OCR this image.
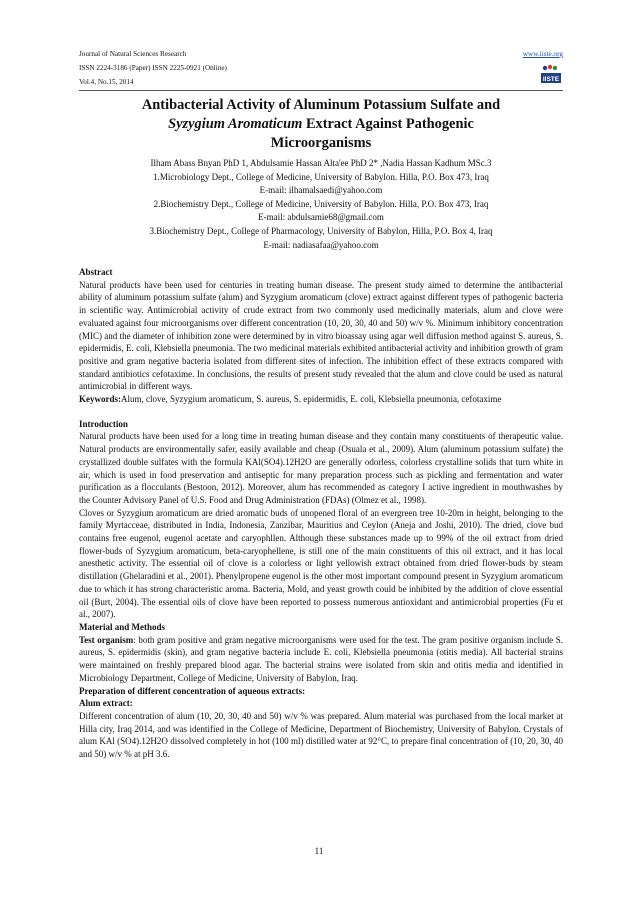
Journal of Natural Sciences Research
ISSN 2224-3186 (Paper) ISSN 2225-0921 (Online)
Vol.4, No.15, 2014
www.iiste.org
IISTE
Antibacterial Activity of Aluminum Potassium Sulfate and
Syzygium Aromaticum Extract Against Pathogenic
Microorganisms
Ilham Abass Bnyan PhD 1, Abdulsamie Hassan Alta'ee PhD 2* ,Nadia Hassan Kadhum MSc.3
1.Microbiology Dept., College of Medicine, University of Babylon. Hilla, P.O. Box 473, Iraq
E-mail: ilhamalsaedi@yahoo.com
2.Biochemistry Dept., College of Medicine, University of Babylon. Hilla, P.O. Box 473, Iraq
E-mail: abdulsamie68@gmail.com
3.Biochemistry Dept., College of Pharmacology, University of Babylon, Hilla, P.O. Box 4, Iraq
E-mail: nadiasafaa@yahoo.com

Abstract

Natural products have been used for centuries in treating human disease. The present study aimed to determine the antibacterial ability of aluminum potassium sulfate (alum) and Syzygium aromaticum (clove) extract against different types of pathogenic bacteria in scientific way. Antimicrobial activity of crude extract from two commonly used medicinally materials, alum and clove were evaluated against four microorganisms over different concentration (10, 20, 30, 40 and 50) w/v %. Minimum inhibitory concentration (MIC) and the diameter of inhibition zone were determined by in vitro bioassay using agar well diffusion method against S. aureus, S. epidermidis, E. coli, Klebsiella pneumonia. The two medicinal materials exhibited antibacterial activity and inhibition growth of gram positive and gram negative bacteria isolated from different sites of infection. The inhibition effect of these extracts compared with standard antibiotics cefotaxime. In conclusions, the results of present study revealed that the alum and clove could be used as natural antimicrobial in different ways.

Keywords:Alum, clove, Syzygium aromaticum, S. aureus, S. epidermidis, E. coli, Klebsiella pneumonia, cefotaxime

Introduction

Natural products have been used for a long time in treating human disease and they contain many constituents of therapeutic value. Natural products are environmentally safer, easily available and cheap (Osuala et al., 2009). Alum (aluminum potassium sulfate) the crystallized double sulfates with the formula KAl(SO4).12H2O are generally odorless, colorless crystalline solids that turn white in air, which is used in food preservation and antiseptic for many preparation process such as pickling and fermentation and water purification as a flocculants (Bestoon, 2012). Moreover, alum has recommended as category I active ingredient in mouthwashes by the Counter Advisory Panel of U.S. Food and Drug Administration (FDAs) (Olmez et al., 1998).

Cloves or Syzygium aromaticum are dried aromatic buds of unopened floral of an evergreen tree 10-20m in height, belonging to the family Myrtacceae, distributed in India, Indonesia, Zanzibar, Mauritius and Ceylon (Aneja and Joshi, 2010). The dried, clove bud contains free eugenol, eugenol acetate and caryophllen. Although these substances made up to 99% of the oil extract from dried flower-buds of Syzygium aromaticum, beta-caryophellene, is still one of the main constituents of this oil extract, and it has local anesthetic activity. The essential oil of clove is a colorless or light yellowish extract obtained from dried flower-buds by steam distillation (Ghelaradini et al., 2001). Phenylpropene eugenol is the other most important compound present in Syzygium aromaticum due to which it has strong characteristic aroma. Bacteria, Mold, and yeast growth could be inhibited by the addition of clove essential oil (Burt, 2004). The essential oils of clove have been reported to possess numerous antioxidant and antimicrobial properties (Fu et al., 2007).

Material and Methods

Test organism: both gram positive and gram negative microorganisms were used for the test. The gram positive organism include S. aureus, S. epidermidis (skin), and gram negative bacteria include E. coli, Klebsiella pneumonia (otitis media). All bacterial strains were maintained on freshly prepared blood agar. The bacterial strains were isolated from skin and otitis media and identified in Microbiology Department, College of Medicine, University of Babylon, Iraq.

Preparation of different concentration of aqueous extracts:

Alum extract:

Different concentration of alum (10, 20, 30, 40 and 50) w/v % was prepared. Alum material was purchased from the local market at Hilla city, Iraq 2014, and was identified in the College of Medicine, Department of Biochemistry, University of Babylon. Crystals of alum KAl (SO4).12H2O dissolved completely in hot (100 ml) distilled water at 92°C, to prepare final concentration of (10, 20, 30, 40 and 50) w/v % at pH 3.6.

11
